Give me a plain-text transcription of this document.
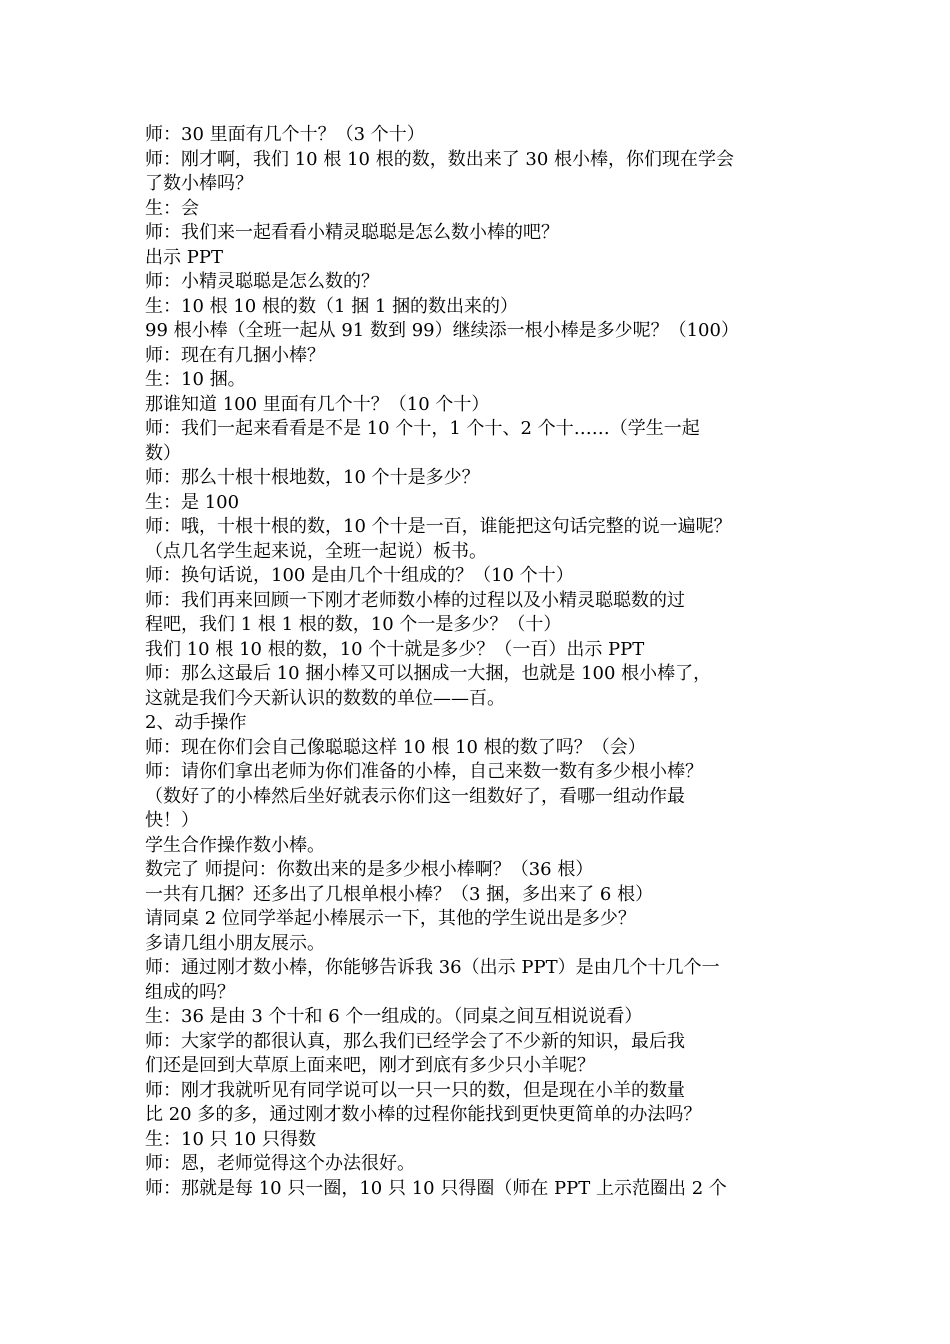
师：30 里面有几个十？（3 个十）
师：刚才啊，我们 10 根 10 根的数，数出来了 30 根小棒，你们现在学会
了数小棒吗？
生：会
师：我们来一起看看小精灵聪聪是怎么数小棒的吧？
出示 PPT
师：小精灵聪聪是怎么数的？
生：10 根 10 根的数（1 捆 1 捆的数出来的）
99 根小棒（全班一起从 91 数到 99）继续添一根小棒是多少呢？（100）
师：现在有几捆小棒？
生：10 捆。
那谁知道 100 里面有几个十？（10 个十）
师：我们一起来看看是不是 10 个十，1 个十、2 个十……（学生一起
数）
师：那么十根十根地数，10 个十是多少？
生：是 100
师：哦，十根十根的数，10 个十是一百，谁能把这句话完整的说一遍呢？
（点几名学生起来说，全班一起说）板书。
师：换句话说，100 是由几个十组成的？（10 个十）
师：我们再来回顾一下刚才老师数小棒的过程以及小精灵聪聪数的过
程吧，我们 1 根 1 根的数，10 个一是多少？（十）
我们 10 根 10 根的数，10 个十就是多少？（一百）出示 PPT
师：那么这最后 10 捆小棒又可以捆成一大捆，也就是 100 根小棒了，
这就是我们今天新认识的数数的单位——百。
2、动手操作
师：现在你们会自己像聪聪这样 10 根 10 根的数了吗？（会）
师：请你们拿出老师为你们准备的小棒，自己来数一数有多少根小棒？
（数好了的小棒然后坐好就表示你们这一组数好了，看哪一组动作最
快！）
学生合作操作数小棒。
数完了 师提问：你数出来的是多少根小棒啊？（36 根）
一共有几捆？还多出了几根单根小棒？（3 捆，多出来了 6 根）
请同桌 2 位同学举起小棒展示一下，其他的学生说出是多少？
多请几组小朋友展示。
师：通过刚才数小棒，你能够告诉我 36（出示 PPT）是由几个十几个一
组成的吗？
生：36 是由 3 个十和 6 个一组成的。（同桌之间互相说说看）
师：大家学的都很认真，那么我们已经学会了不少新的知识，最后我
们还是回到大草原上面来吧，刚才到底有多少只小羊呢？
师：刚才我就听见有同学说可以一只一只的数，但是现在小羊的数量
比 20 多的多，通过刚才数小棒的过程你能找到更快更简单的办法吗？
生：10 只 10 只得数
师：恩，老师觉得这个办法很好。
师：那就是每 10 只一圈，10 只 10 只得圈（师在 PPT 上示范圈出 2 个
